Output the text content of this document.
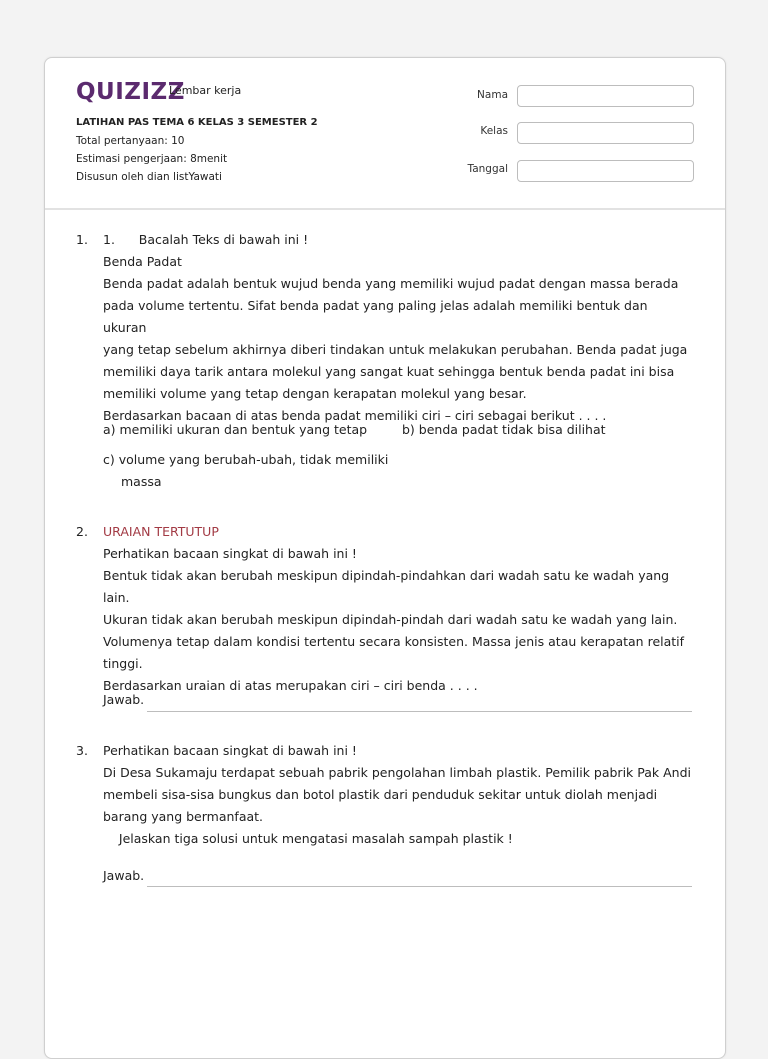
QUIZIZZ
Lembar kerja
LATIHAN PAS TEMA 6 KELAS 3 SEMESTER 2
Total pertanyaan: 10
Estimasi pengerjaan: 8menit
Disusun oleh dian listYawati
Nama
Kelas
Tanggal
1. 1.      Bacalah Teks di bawah ini !

Benda Padat

Benda padat adalah bentuk wujud benda yang memiliki wujud padat dengan massa berada

pada volume tertentu. Sifat benda padat yang paling jelas adalah memiliki bentuk dan ukuran

yang tetap sebelum akhirnya diberi tindakan untuk melakukan perubahan. Benda padat juga

memiliki daya tarik antara molekul yang sangat kuat sehingga bentuk benda padat ini bisa

memiliki volume yang tetap dengan kerapatan molekul yang besar.

Berdasarkan bacaan di atas benda padat memiliki ciri – ciri sebagai berikut . . . .

a) memiliki ukuran dan bentuk yang tetap	b) benda padat tidak bisa dilihat
c) volume yang berubah-ubah, tidak memiliki
massa
2. URAIAN TERTUTUP

Perhatikan bacaan singkat di bawah ini !

Bentuk tidak akan berubah meskipun dipindah-pindahkan dari wadah satu ke wadah yang lain.

Ukuran tidak akan berubah meskipun dipindah-pindah dari wadah satu ke wadah yang lain.

Volumenya tetap dalam kondisi tertentu secara konsisten. Massa jenis atau kerapatan relatif

tinggi.

Berdasarkan uraian di atas merupakan ciri – ciri benda . . . .

Jawab.
3. Perhatikan bacaan singkat di bawah ini !

Di Desa Sukamaju terdapat sebuah pabrik pengolahan limbah plastik. Pemilik pabrik Pak Andi

membeli sisa-sisa bungkus dan botol plastik dari penduduk sekitar untuk diolah menjadi

barang yang bermanfaat.

Jelaskan tiga solusi untuk mengatasi masalah sampah plastik !

Jawab.
